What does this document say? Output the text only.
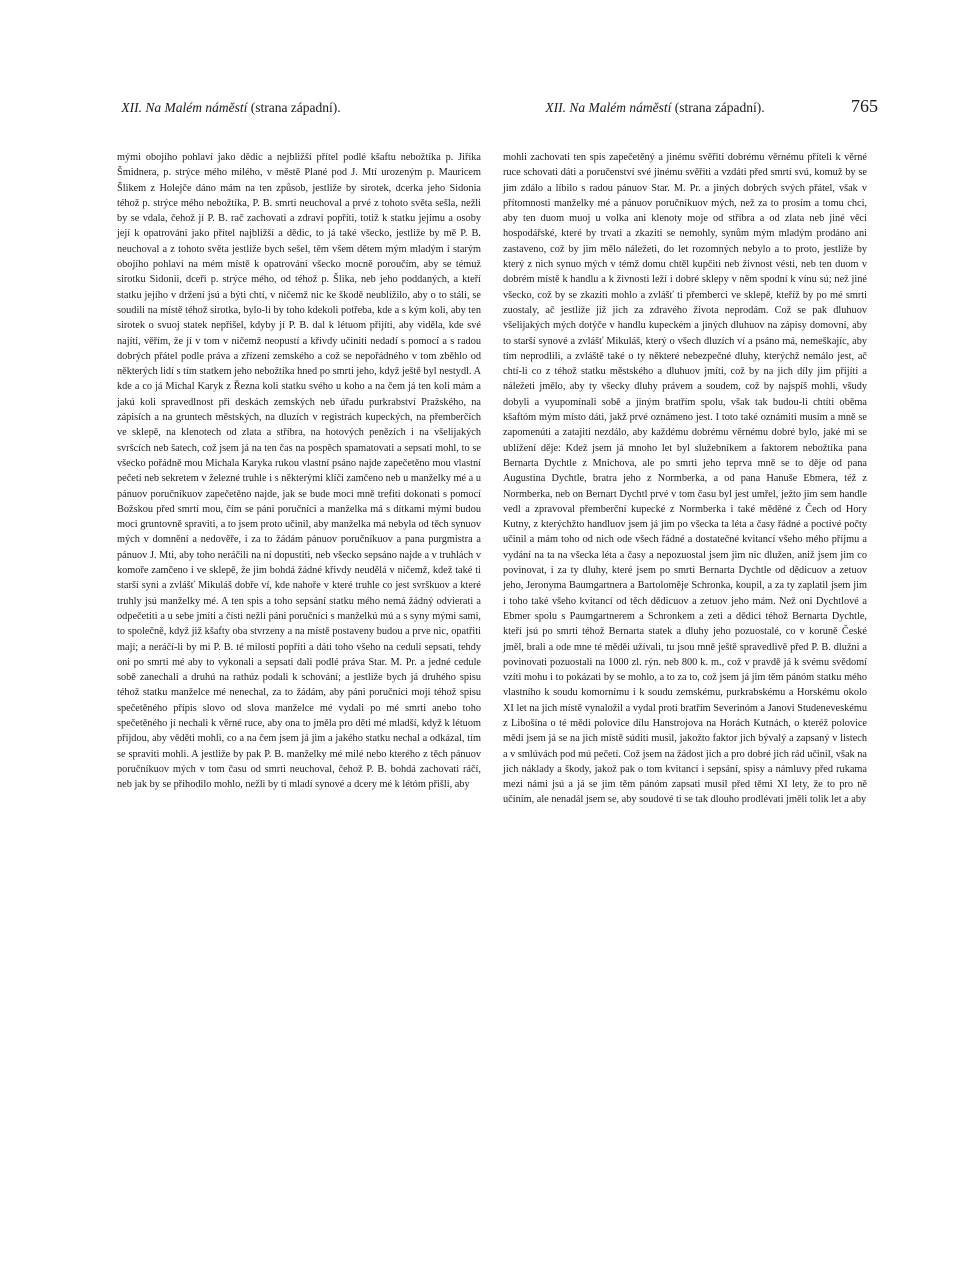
XII. Na Malém náměstí (strana západní).	XII. Na Malém náměstí (strana západní).	765

mými obojího pohlaví jako dědic a nejbližší přítel podlé kšaftu nebožtíka p. Jiříka Šmidnera, p. strýce mého milého, v městě Plané pod J. Mtí urozeným p. Mauricem Šlikem z Holejče dáno mám na ten způsob, jestliže by sirotek, dcerka jeho Sidonia téhož p. strýce mého nebožtíka, P. B. smrti neuchoval a prvé z tohoto světa sešla, nežli by se vdala, čehož jí P. B. rač zachovati a zdraví popříti, totiž k statku jejímu a osoby její k opatrování jako přítel najbližší a dědic, to já také všecko, jestliže by mě P. B. neuchoval a z tohoto světa jestliže bych sešel, těm všem dětem mým mladým i starým obojího pohlaví na mém místě k opatrování všecko mocně poroučím, aby se témuž sirotku Sidonii, dceři p. strýce mého, od téhož p. Šlika, neb jeho poddaných, a kteří statku jejího v držení jsú a býti chtí, v ničemž nic ke škodě neublížilo, aby o to stáli, se soudili na místě téhož sirotka, bylo-li by toho kdekoli potřeba, kde a s kým koli, aby ten sirotek o svuoj statek nepřišel, kdyby jí P. B. dal k létuom přijíti, aby viděla, kde své najíti, věřím, že jí v tom v ničemž neopustí a křivdy učiniti nedadí s pomocí a s radou dobrých přátel podle práva a zřízení zemského a což se nepořádného v tom zběhlo od některých lidí s tím statkem jeho nebožtíka hned po smrti jeho, když ještě byl nestydl. A kde a co já Michal Karyk z Řezna koli statku svého u koho a na čem já ten koli mám a jakú koli spravedlnost při deskách zemských neb úřadu purkrabství Pražského, na zápisích a na gruntech městských, na dluzích v registrách kupeckých, na přemberčích ve sklepě, na klenotech od zlata a stříbra, na hotových penězích i na všelijakých svršcích neb šatech, což jsem já na ten čas na pospěch spamatovati a sepsati mohl, to se všecko pořádně mou Michala Karyka rukou vlastní psáno najde zapečetěno mou vlastní pečetí neb sekretem v železné truhle i s některými klíči zamčeno neb u manželky mé a u pánuov poručníkuov zapečetěno najde, jak se bude moci mně trefiti dokonati s pomocí Božskou před smrtí mou, čím se páni poručníci a manželka má s dítkami mými budou moci gruntovně spraviti, a to jsem proto učinil, aby manželka má nebyla od těch synuov mých v domnění a nedověře, i za to žádám pánuov poručníkuov a pana purgmistra a pánuov J. Mti, aby toho neráčili na ní dopustiti, neb všecko sepsáno najde a v truhlách v komoře zamčeno i ve sklepě, že jim bohdá žádné křivdy neudělá v ničemž, kdež také ti starší syni a zvlášť Mikuláš dobře ví, kde nahoře v které truhle co jest svrškuov a které truhly jsú manželky mé. A ten spis a toho sepsání statku mého nemá žádný odvierati a odpečetiti a u sebe jmíti a čísti nežli páni poručníci s manželkú mú a s syny mými sami, to společně, když již kšafty oba stvrzeny a na místě postaveny budou a prve nic, opatřiti mají; a neráčí-li by mi P. B. té milosti popříti a dáti toho všeho na ceduli sepsati, tehdy oni po smrti mé aby to vykonali a sepsati dali podlé práva Star. M. Pr. a jedné cedule sobě zanechali a druhú na rathúz podali k schování; a jestliže bych já druhého spisu téhož statku manželce mé nenechal, za to žádám, aby páni poručníci moji téhož spisu spečetěného přípis slovo od slova manželce mé vydali po mé smrti anebo toho spečetěného jí nechali k věrné ruce, aby ona to jměla pro děti mé mladší, když k létuom přijdou, aby věděti mohli, co a na čem jsem já jim a jakého statku nechal a odkázal, tím se spraviti mohli. A jestliže by pak P. B. manželky mé milé nebo kterého z těch pánuov poručníkuov mých v tom času od smrti neuchoval, čehož P. B. bohdá zachovati ráčí, neb jak by se přihodilo mohlo, nežli by ti mladí synové a dcery mé k létóm přišli, aby

mohli zachovati ten spis zapečetěný a jinému svěřiti dobrému věrnému příteli k věrné ruce schovati dáti a poručenství své jinému svěřiti a vzdáti před smrtí svú, komuž by se jim zdálo a líbilo s radou pánuov Star. M. Pr. a jiných dobrých svých přátel, však v přítomnosti manželky mé a pánuov poručníkuov mých, než za to prosím a tomu chci, aby ten duom muoj u volka ani klenoty moje od stříbra a od zlata neb jiné věci hospodářské, které by trvati a zkaziti se nemohly, synům mým mladým prodáno ani zastaveno, což by jim mělo náležeti, do let rozomných nebylo a to proto, jestliže by který z nich synuo mých v témž domu chtěl kupčiti neb živnost vésti, neb ten duom v dobrém místě k handlu a k živnosti leží i dobré sklepy v něm spodní k vínu sú; než jiné všecko, což by se zkaziti mohlo a zvlášť ti přemberci ve sklepě, kteříž by po mé smrti zuostaly, ač jestliže již jich za zdravého života neprodám. Což se pak dluhuov všelijakých mých dotýče v handlu kupeckém a jiných dluhuov na zápisy domovní, aby to starší synové a zvlášť Mikuláš, který o všech dluzích ví a psáno má, nemeškajíc, aby tím neprodlili, a zvláště také o ty některé nebezpečné dluhy, kterýchž nemálo jest, ač chtí-li co z téhož statku městského a dluhuov jmíti, což by na jich díly jim přijíti a náležeti jmělo, aby ty všecky dluhy právem a soudem, což by najspíš mohli, všudy dobyli a vyupomínali sobě a jiným bratřím spolu, však tak budou-li chtíti oběma kšaftóm mým místo dáti, jakž prvé oznámeno jest. I toto také oznámiti musím a mně se zapomenúti a zatajiti nezdálo, aby každému dobrému věrnému dobré bylo, jaké mi se ublížení děje: Kdež jsem já mnoho let byl služebníkem a faktorem nebožtíka pana Bernarta Dychtle z Mnichova, ale po smrti jeho teprva mně se to děje od pana Augustina Dychtle, bratra jeho z Normberka, a od pana Hanuše Ebmera, též z Normberka, neb on Bernart Dychtl prvé v tom času byl jest umřel, ježto jim sem handle vedl a zpravoval přemberční kupecké z Normberka i také měděné z Čech od Hory Kutny, z kterýchžto handluov jsem já jim po všecka ta léta a časy řádné a poctivé počty učinil a mám toho od nich ode všech řádné a dostatečné kvitancí všeho mého příjmu a vydání na ta na všecka léta a časy a nepozuostal jsem jim nic dlužen, aniž jsem jim co povinovat, i za ty dluhy, které jsem po smrti Bernarta Dychtle od dědicuov a zetuov jeho, Jeronyma Baumgartnera a Bartoloměje Schronka, koupil, a za ty zaplatil jsem jim i toho také všeho kvitancí od těch dědicuov a zetuov jeho mám. Než oni Dychtlové a Ebmer spolu s Paumgartnerem a Schronkem a zeti a dědici téhož Bernarta Dychtle, kteří jsú po smrti téhož Bernarta statek a dluhy jeho pozuostalé, co v koruně České jměl, brali a ode mne té měděi užívali, tu jsou mně ještě spravedlivě před P. B. dlužni a povinovati pozuostali na 1000 zl. rýn. neb 800 k. m., což v pravdě já k svému svědomí vzíti mohu i to pokázati by se mohlo, a to za to, což jsem já jim těm pánóm statku mého vlastního k soudu komornímu i k soudu zemskému, purkrabskému a Horskému okolo XI let na jich místě vynaložil a vydal proti bratřím Severinóm a Janovi Studeneveskému z Libošína o té mědi polovice dílu Hanstrojova na Horách Kutnách, o kteréž polovice mědi jsem já se na jich místě súditi musil, jakožto faktor jich bývalý a zapsaný v listech a v smlúvách pod mú pečetí. Což jsem na žádost jich a pro dobré jich rád učinil, však na jich náklady a škody, jakož pak o tom kvitancí i sepsání, spisy a námluvy před rukama mezi námi jsú a já se jim těm pánóm zapsati musil před těmi XI lety, že to pro ně učiním, ale nenadál jsem se, aby soudové ti se tak dlouho prodlévati jměli tolik let a aby
